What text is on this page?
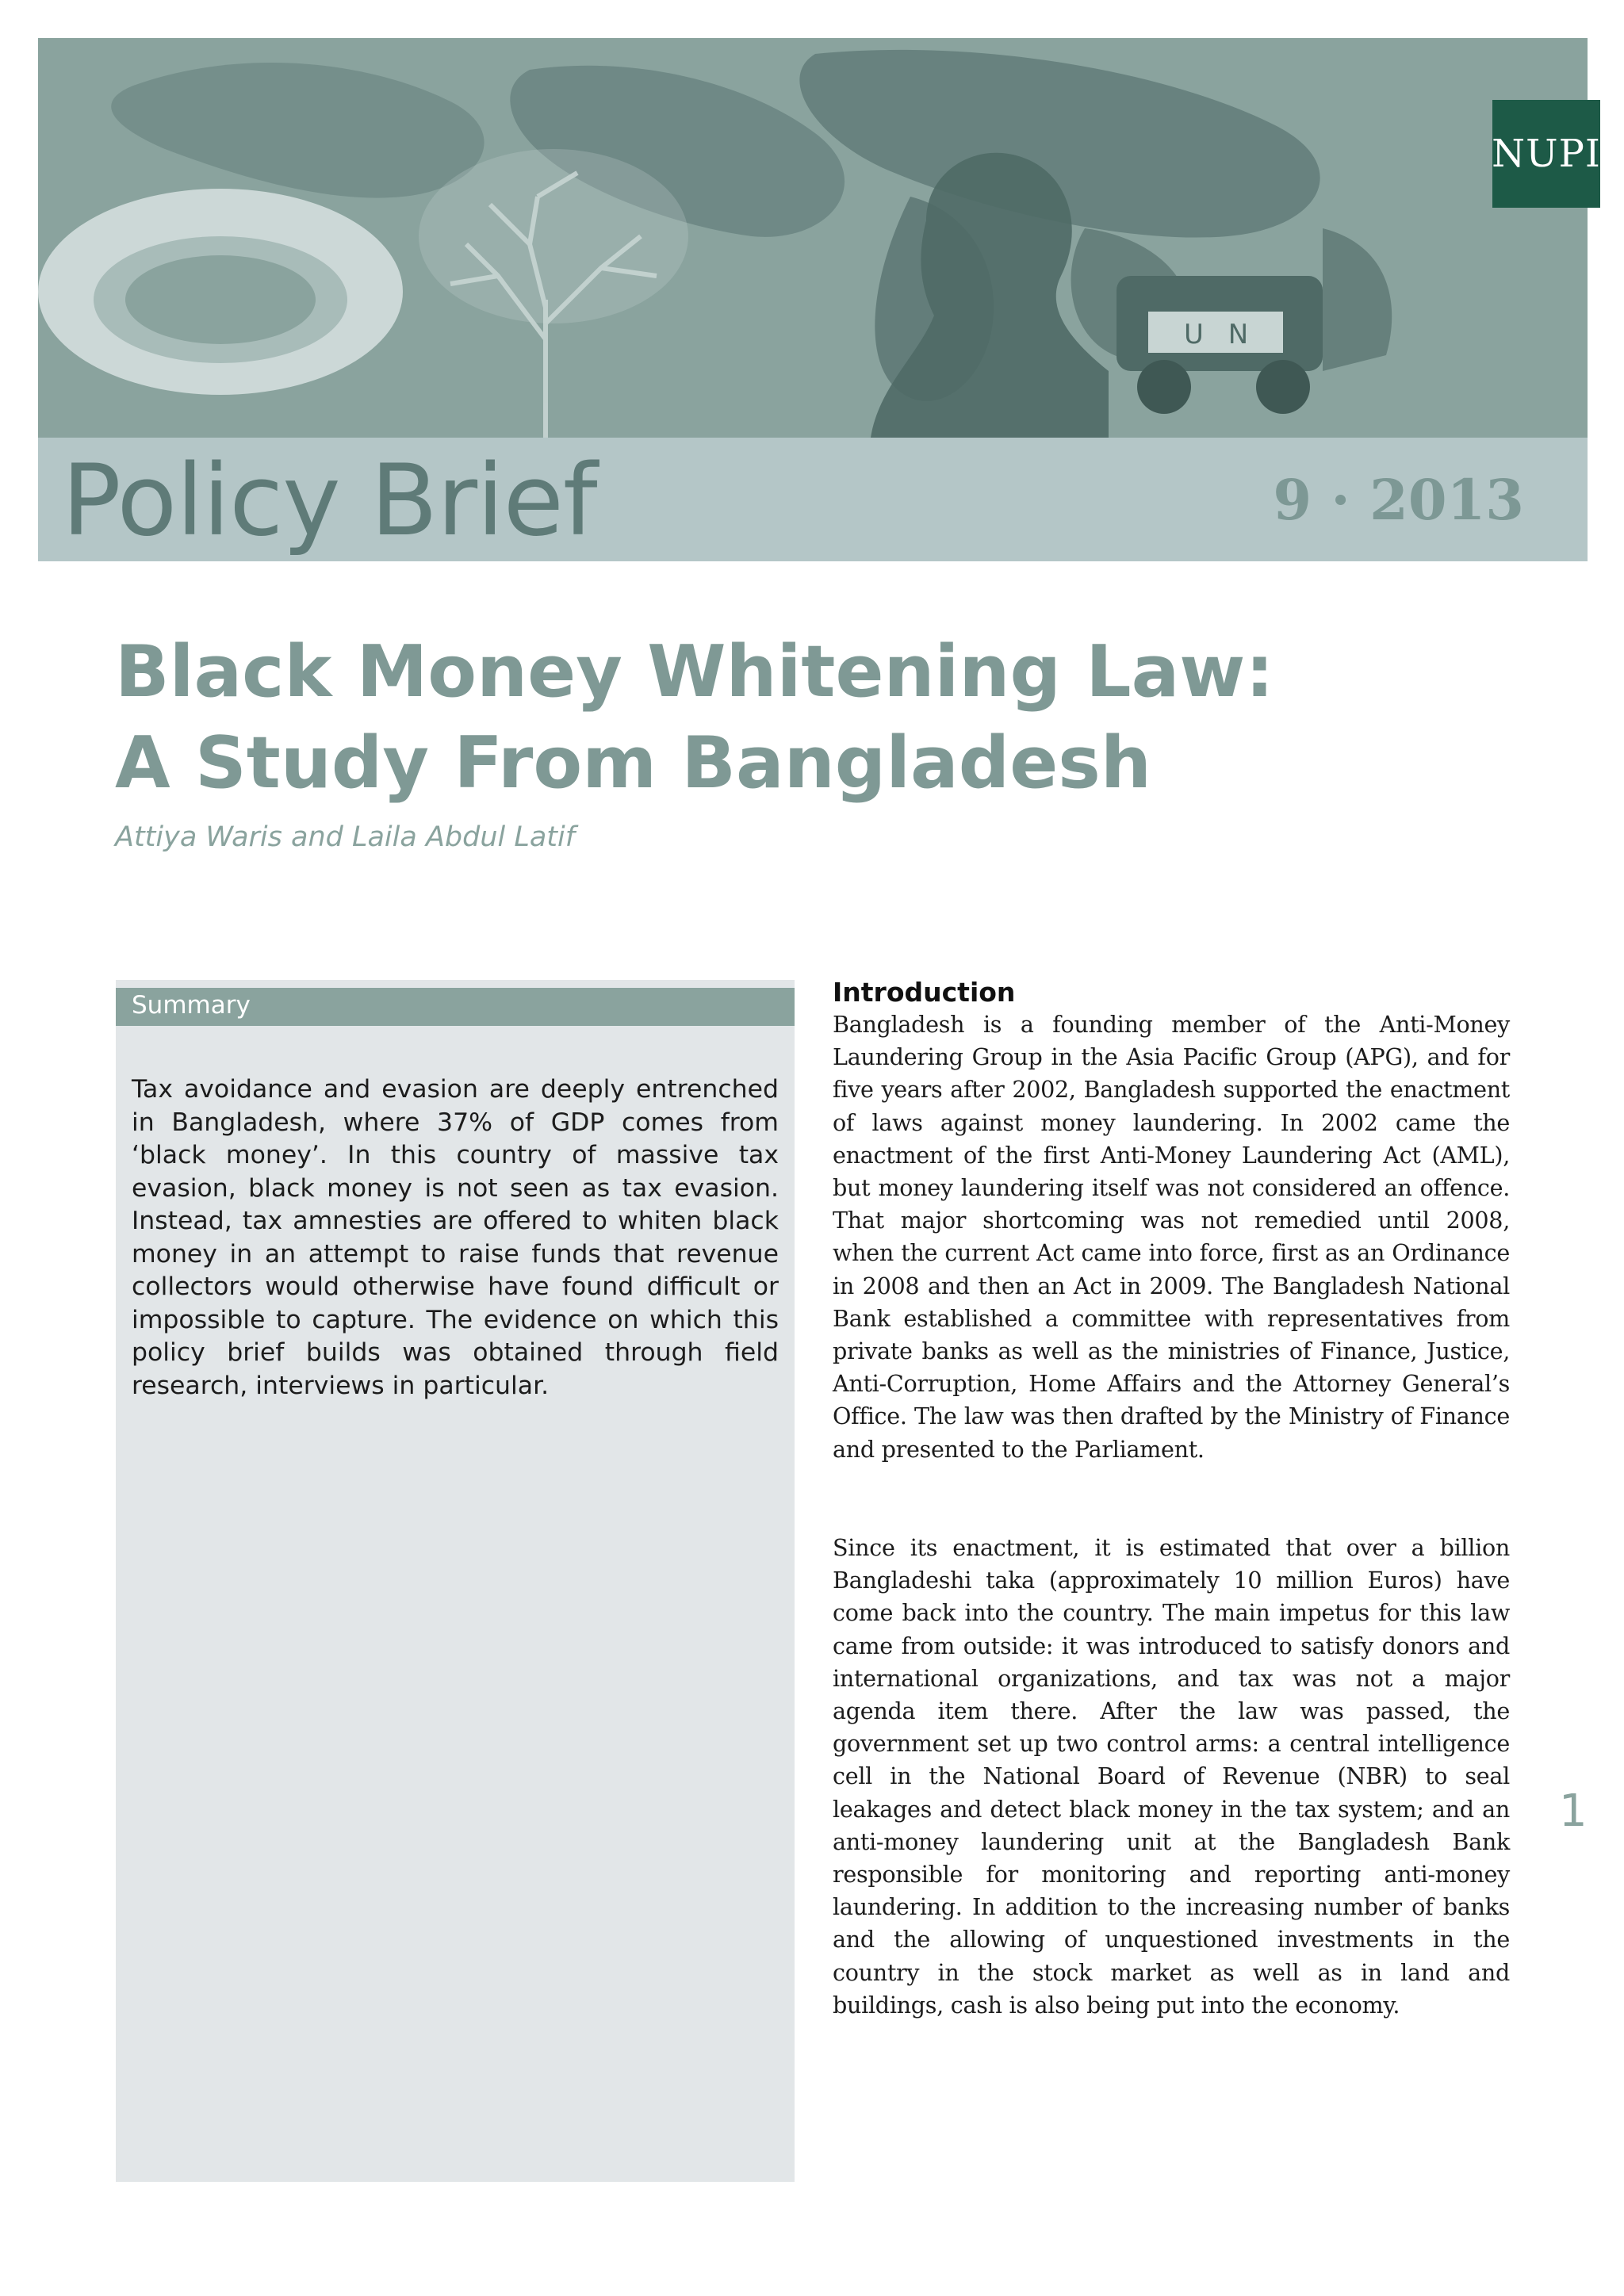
U N
NUPI
Policy Brief	9 · 2013
Black Money Whitening Law:
A Study From Bangladesh
Attiya Waris and Laila Abdul Latif
Summary

Tax avoidance and evasion are deeply entrenched in Bangladesh, where 37% of GDP comes from ‘black money’. In this country of massive tax evasion, black money is not seen as tax evasion. Instead, tax amnesties are offered to whiten black money in an attempt to raise funds that revenue collectors would otherwise have found difficult or impossible to capture. The evidence on which this policy brief builds was obtained through field research, interviews in particular.

Introduction

Bangladesh is a founding member of the Anti-Money Laundering Group in the Asia Pacific Group (APG), and for five years after 2002, Bangladesh supported the enactment of laws against money laundering. In 2002 came the enactment of the first Anti-Money Laundering Act (AML), but money laundering itself was not considered an offence. That major shortcoming was not remedied until 2008, when the current Act came into force, first as an Ordinance in 2008 and then an Act in 2009. The Bangladesh National Bank established a committee with representatives from private banks as well as the ministries of Finance, Justice, Anti-Corruption, Home Affairs and the Attorney General’s Office. The law was then drafted by the Ministry of Finance and presented to the Parliament.

Since its enactment, it is estimated that over a billion Bangladeshi taka (approximately 10 million Euros) have come back into the country. The main impetus for this law came from outside: it was introduced to satisfy donors and international organizations, and tax was not a major agenda item there. After the law was passed, the government set up two control arms: a central intelligence cell in the National Board of Revenue (NBR) to seal leakages and detect black money in the tax system; and an anti-money laundering unit at the Bangladesh Bank responsible for monitoring and reporting anti-money laundering. In addition to the increasing number of banks and the allowing of unquestioned investments in the country in the stock market as well as in land and buildings, cash is also being put into the economy.

1
